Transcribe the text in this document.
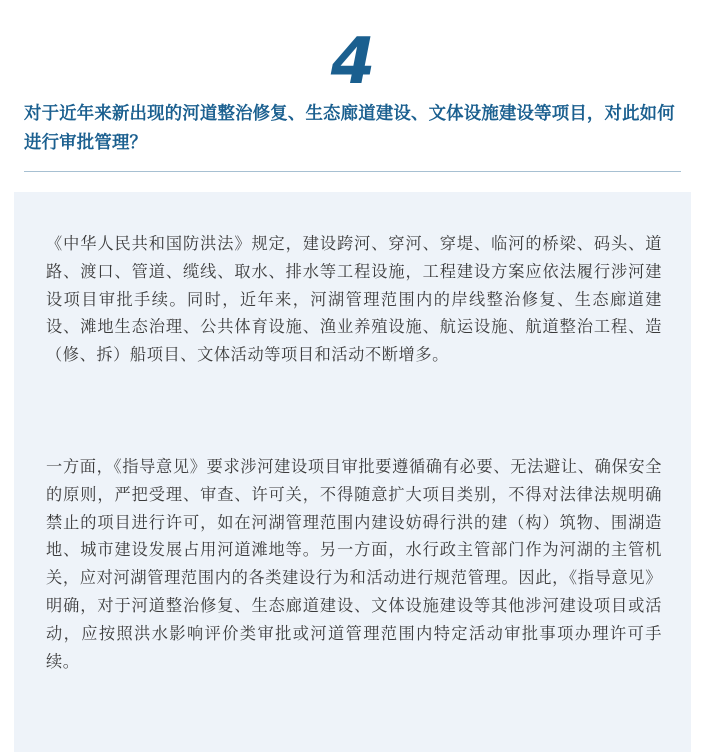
4
对于近年来新出现的河道整治修复、生态廊道建设、文体设施建设等项目，对此如何进行审批管理？
《中华人民共和国防洪法》规定，建设跨河、穿河、穿堤、临河的桥梁、码头、道路、渡口、管道、缆线、取水、排水等工程设施，工程建设方案应依法履行涉河建设项目审批手续。同时，近年来，河湖管理范围内的岸线整治修复、生态廊道建设、滩地生态治理、公共体育设施、渔业养殖设施、航运设施、航道整治工程、造（修、拆）船项目、文体活动等项目和活动不断增多。
一方面，《指导意见》要求涉河建设项目审批要遵循确有必要、无法避让、确保安全的原则，严把受理、审查、许可关，不得随意扩大项目类别，不得对法律法规明确禁止的项目进行许可，如在河湖管理范围内建设妨碍行洪的建（构）筑物、围湖造地、城市建设发展占用河道滩地等。另一方面，水行政主管部门作为河湖的主管机关，应对河湖管理范围内的各类建设行为和活动进行规范管理。因此，《指导意见》明确，对于河道整治修复、生态廊道建设、文体设施建设等其他涉河建设项目或活动，应按照洪水影响评价类审批或河道管理范围内特定活动审批事项办理许可手续。
